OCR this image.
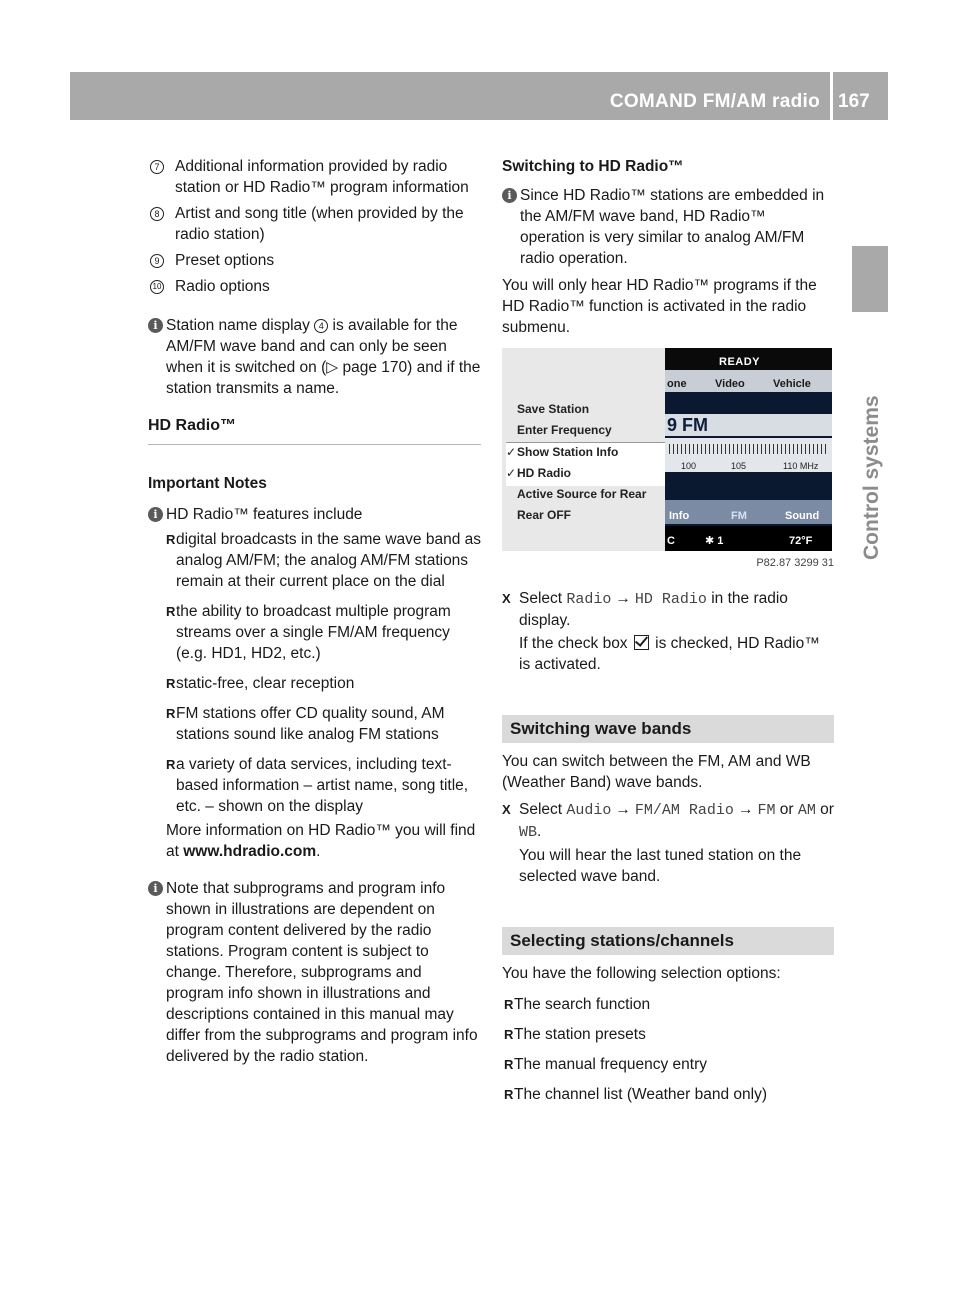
COMAND FM/AM radio 167
Control systems
7 Additional information provided by radio station or HD Radio™ program information
8 Artist and song title (when provided by the radio station)
9 Preset options
10 Radio options
i Station name display 4 is available for the AM/FM wave band and can only be seen when it is switched on (▷ page 170) and if the station transmits a name.
HD Radio™
Important Notes
i HD Radio™ features include
R digital broadcasts in the same wave band as analog AM/FM; the analog AM/FM stations remain at their current place on the dial
R the ability to broadcast multiple program streams over a single FM/AM frequency (e.g. HD1, HD2, etc.)
R static-free, clear reception
R FM stations offer CD quality sound, AM stations sound like analog FM stations
R a variety of data services, including text-based information – artist name, song title, etc. – shown on the display
More information on HD Radio™ you will find at www.hdradio.com.
i Note that subprograms and program info shown in illustrations are dependent on program content delivered by the radio stations. Program content is subject to change. Therefore, subprograms and program info shown in illustrations and descriptions contained in this manual may differ from the subprograms and program info delivered by the radio station.
Switching to HD Radio™
i Since HD Radio™ stations are embedded in the AM/FM wave band, HD Radio™ operation is very similar to analog AM/FM radio operation.

You will only hear HD Radio™ programs if the HD Radio™ function is activated in the radio submenu.

Save Station
Enter Frequency
✓ Show Station Info
✓ HD Radio
Active Source for Rear
Rear OFF
READY
one	Video	Vehicle
9 FM
100	105	110 MHz
Info	FM	Sound
C	✱ 1	72°F
P82.87 3299 31
X Select Radio → HD Radio in the radio display.
If the check box  is checked, HD Radio™ is activated.
Switching wave bands

You can switch between the FM, AM and WB (Weather Band) wave bands.

X Select Audio → FM/AM Radio → FM or AM or WB.
You will hear the last tuned station on the selected wave band.
Selecting stations/channels

You have the following selection options:

R The search function
R The station presets
R The manual frequency entry
R The channel list (Weather band only)
